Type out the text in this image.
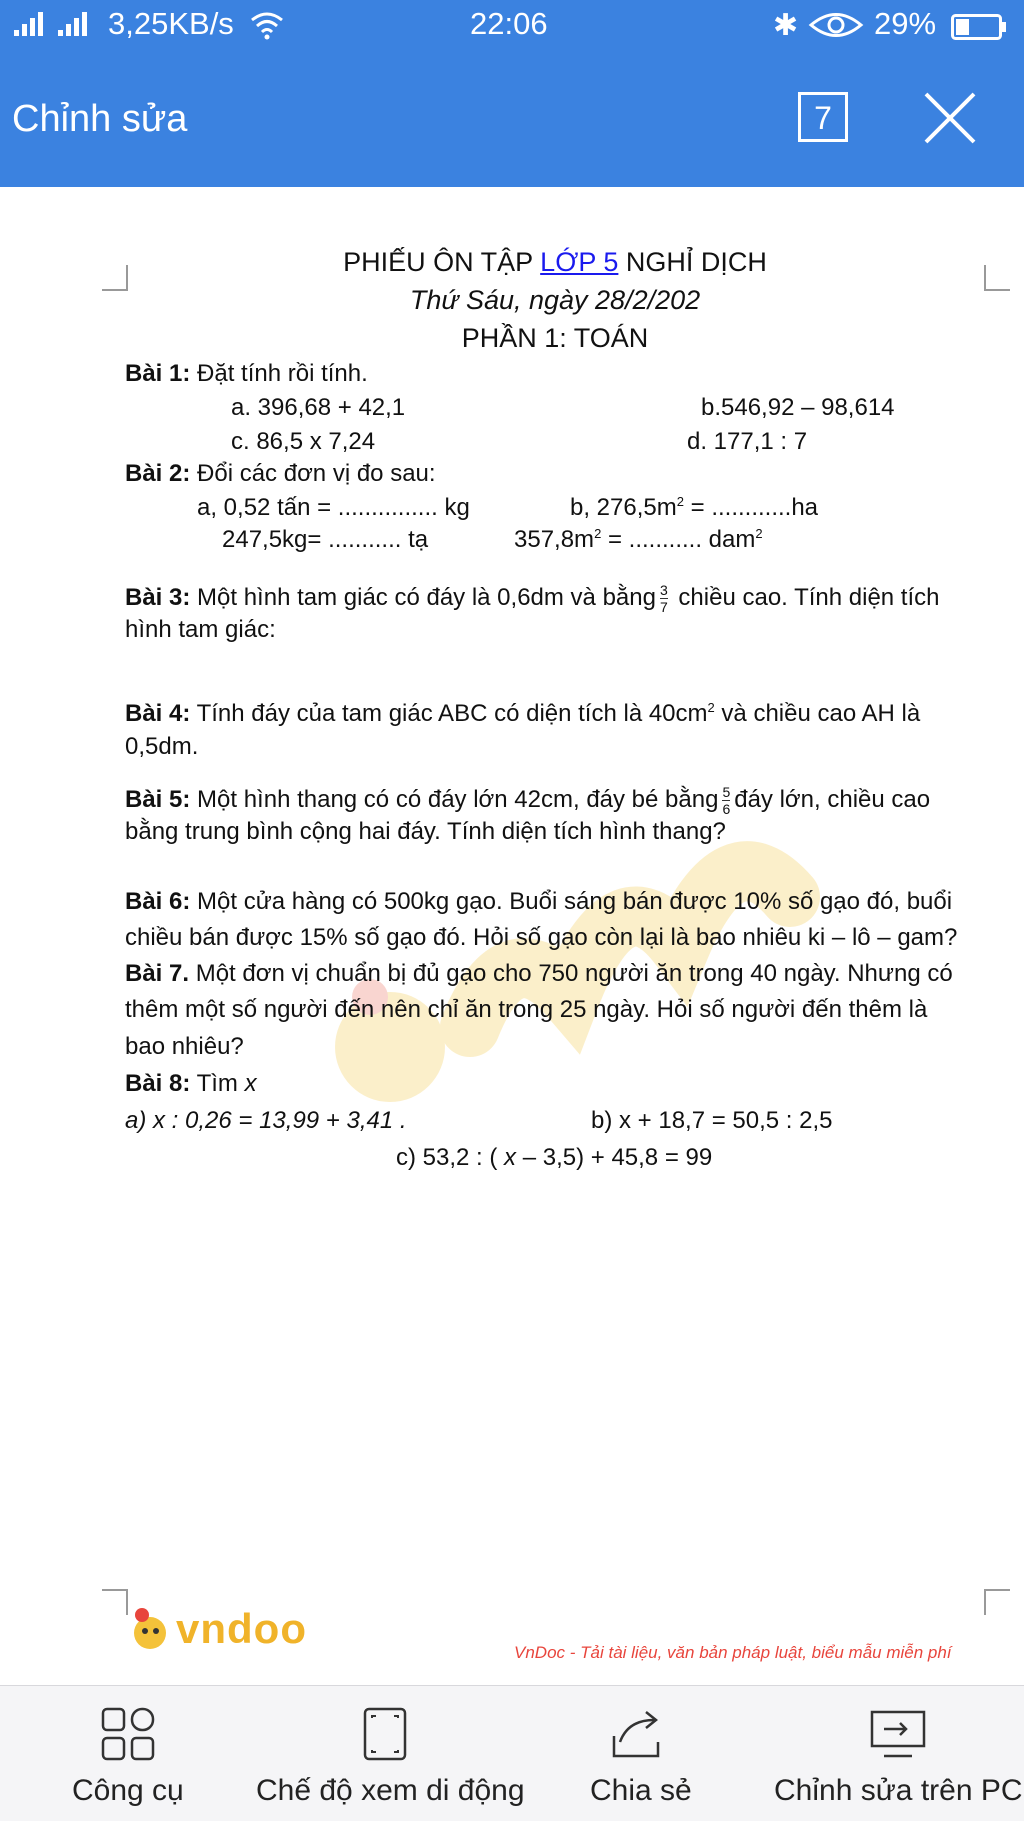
3,25KB/s	22:06	✱ 29%
Chỉnh sửa	7
PHIẾU ÔN TẬP LỚP 5 NGHỈ DỊCH
Thứ Sáu, ngày 28/2/202
PHẦN 1: TOÁN
Bài 1: Đặt tính rồi tính.
a. 396,68 + 42,1	b.546,92 – 98,614
c. 86,5 x 7,24	d. 177,1 : 7
Bài 2: Đổi các đơn vị đo sau:
a, 0,52 tấn = ............... kg	b, $276,5m^2 = ............ha$
247,5kg= ........... tạ	$357,8m^2$ = ........... dam$^2$
Bài 3: Một hình tam giác có đáy là 0,6dm và bằng $\frac{3}{7}$ chiều cao. Tính diện tích
hình tam giác:
Bài 4: Tính đáy của tam giác ABC có diện tích là $40cm^2$ và chiều cao AH là
0,5dm.
Bài 5: Một hình thang có có đáy lớn 42cm, đáy bé bằng $\frac{5}{6}$ đáy lớn, chiều cao
bằng trung bình cộng hai đáy. Tính diện tích hình thang?
Bài 6: Một cửa hàng có 500kg gạo. Buổi sáng bán được 10% số gạo đó, buổi
chiều bán được 15% số gạo đó. Hỏi số gạo còn lại là bao nhiêu ki – lô – gam?
Bài 7. Một đơn vị chuẩn bị đủ gạo cho 750 người ăn trong 40 ngày. Nhưng có
thêm một số người đến nên chỉ ăn trong 25 ngày. Hỏi số người đến thêm là
bao nhiêu?
Bài 8: Tìm x
a) x : 0,26 = 13,99 + 3,41 .	b) x + 18,7 = 50,5 : 2,5
c) 53,2 : ( x – 3,5) + 45,8 = 99
vndoo
VnDoc - Tải tài liệu, văn bản pháp luật, biểu mẫu miễn phí
Công cụ Chế độ xem di động Chia sẻ	Chỉnh sửa trên PC
